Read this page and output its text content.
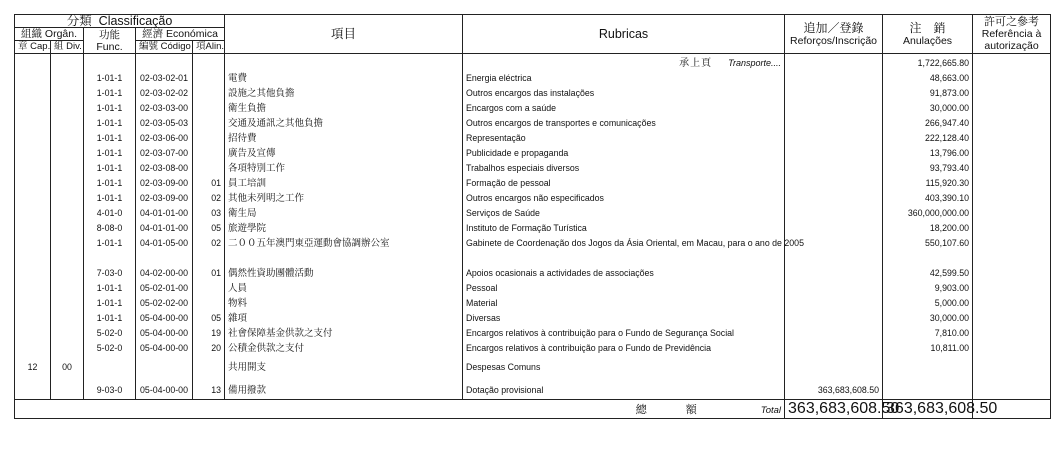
分類 Classificação					項目	Rubricas	追加／登錄
Reforços/Inscrição	注　銷
Anulações	許可之參考
Referência à
autorização
組織 Orgân.		功能
Func.	經濟 Económica						
章 Cap.	組 Div.		編號 Código	項Alin.					
						承上頁 Transporte....		1,722,665.80	
		1-01-1	02-03-02-01		電費	Energia eléctrica		48,663.00	
		1-01-1	02-03-02-02		設施之其他負擔	Outros encargos das instalações		91,873.00	
		1-01-1	02-03-03-00		衛生負擔	Encargos com a saúde		30,000.00	
		1-01-1	02-03-05-03		交通及通訊之其他負擔	Outros encargos de transportes e comunicações		266,947.40	
		1-01-1	02-03-06-00		招待費	Representação		222,128.40	
		1-01-1	02-03-07-00		廣告及宣傳	Publicidade e propaganda		13,796.00	
		1-01-1	02-03-08-00		各項特別工作	Trabalhos especiais diversos		93,793.40	
		1-01-1	02-03-09-00	01	員工培訓	Formação de pessoal		115,920.30	
		1-01-1	02-03-09-00	02	其他未列明之工作	Outros encargos não especificados		403,390.10	
		4-01-0	04-01-01-00	03	衛生局	Serviços de Saúde		360,000,000.00	
		8-08-0	04-01-01-00	05	旅遊學院	Instituto de Formação Turística		18,200.00	
		1-01-1	04-01-05-00	02	二００五年澳門東亞運動會協調辦公室	Gabinete de Coordenação dos Jogos da Ásia Oriental, em Macau, para o ano de 2005		550,107.60	
		7-03-0	04-02-00-00	01	偶然性資助團體活動	Apoios ocasionais a actividades de associações		42,599.50	
		1-01-1	05-02-01-00		人員	Pessoal		9,903.00	
		1-01-1	05-02-02-00		物料	Material		5,000.00	
		1-01-1	05-04-00-00	05	雜項	Diversas		30,000.00	
		5-02-0	05-04-00-00	19	社會保障基金供款之支付	Encargos relativos à contribuição para o Fundo de Segurança Social		7,810.00	
		5-02-0	05-04-00-00	20	公積金供款之支付	Encargos relativos à contribuição para o Fundo de Previdência		10,811.00	
12	00				共用開支	Despesas Comuns			
		9-03-0	05-04-00-00	13	備用撥款	Dotação provisional	363,683,608.50		
總　額 Total							363,683,608.50	363,683,608.50	
